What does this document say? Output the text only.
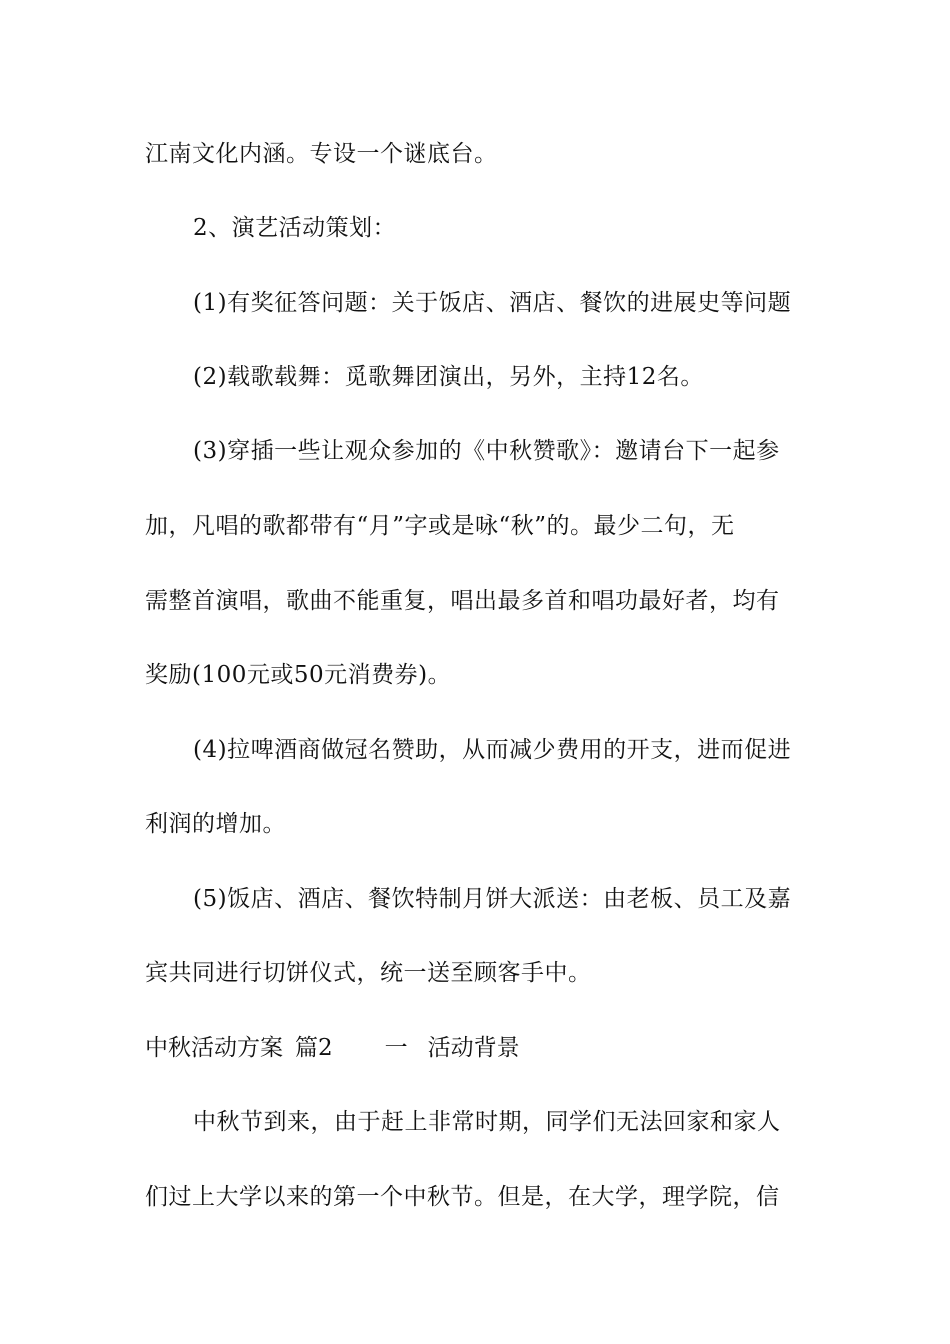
江南文化内涵。专设一个谜底台。
2、演艺活动策划：
(1)有奖征答问题：关于饭店、酒店、餐饮的进展史等问题
(2)载歌载舞：觅歌舞团演出，另外，主持12名。
(3)穿插一些让观众参加的《中秋赞歌》：邀请台下一起参
加，凡唱的歌都带有“月”字或是咏“秋”的。最少二句，无
需整首演唱，歌曲不能重复，唱出最多首和唱功最好者，均有
奖励(100元或50元消费券)。
(4)拉啤酒商做冠名赞助，从而减少费用的开支，进而促进
利润的增加。
(5)饭店、酒店、餐饮特制月饼大派送：由老板、员工及嘉
宾共同进行切饼仪式，统一送至顾客手中。
中秋活动方案 篇2 一 活动背景
中秋节到来，由于赶上非常时期，同学们无法回家和家人
们过上大学以来的第一个中秋节。但是，在大学，理学院，信
